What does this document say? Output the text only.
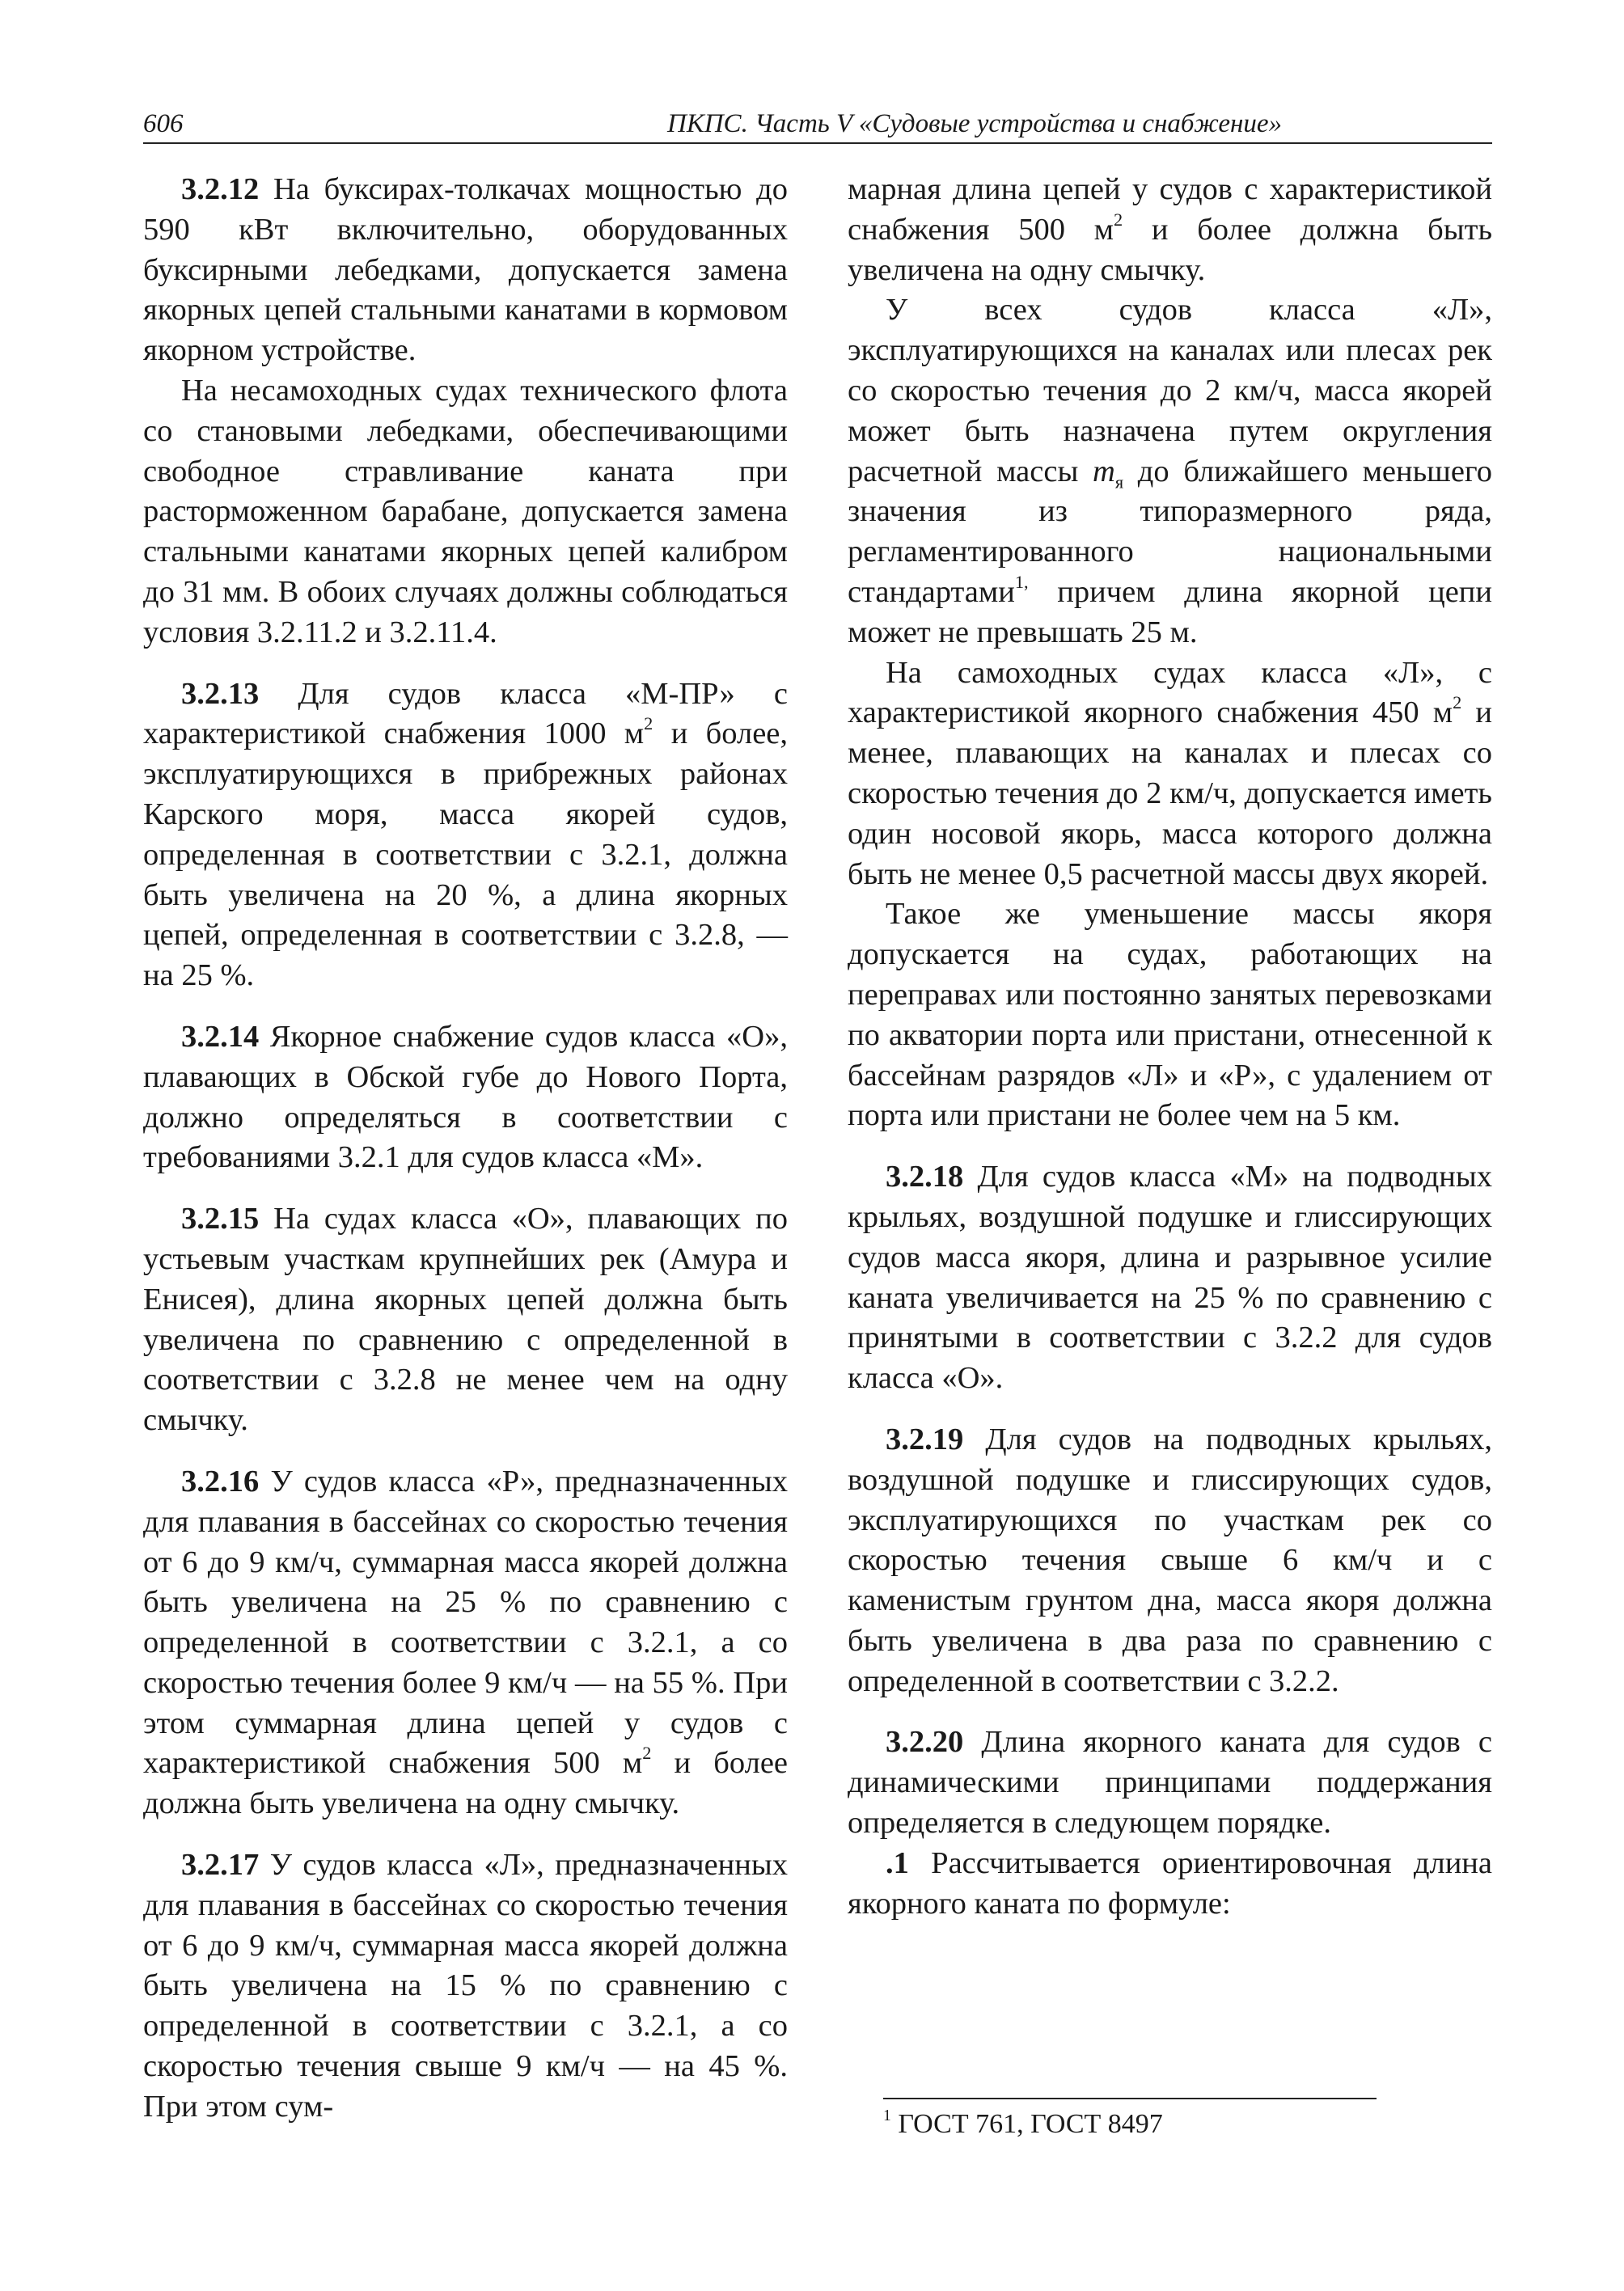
606	ПКПС. Часть V «Судовые устройства и снабжение»

3.2.12 На буксирах-толкачах мощностью до 590 кВт включительно, оборудованных буксирными лебедками, допускается замена якорных цепей стальными канатами в кормовом якорном устройстве.

На несамоходных судах технического флота со становыми лебедками, обеспечивающими свободное стравливание каната при расторможенном барабане, допускается замена стальными канатами якорных цепей калибром до 31 мм. В обоих случаях должны соблюдаться условия 3.2.11.2 и 3.2.11.4.

3.2.13 Для судов класса «М-ПР» с характеристикой снабжения 1000 $м^2$ и более, эксплуатирующихся в прибрежных районах Карского моря, масса якорей судов, определенная в соответствии с 3.2.1, должна быть увеличена на 20 %, а длина якорных цепей, определенная в соответствии с 3.2.8, — на 25 %.

3.2.14 Якорное снабжение судов класса «О», плавающих в Обской губе до Нового Порта, должно определяться в соответствии с требованиями 3.2.1 для судов класса «М».

3.2.15 На судах класса «О», плавающих по устьевым участкам крупнейших рек (Амура и Енисея), длина якорных цепей должна быть увеличена по сравнению с определенной в соответствии с 3.2.8 не менее чем на одну смычку.

3.2.16 У судов класса «Р», предназначенных для плавания в бассейнах со скоростью течения от 6 до 9 км/ч, суммарная масса якорей должна быть увеличена на 25 % по сравнению с определенной в соответствии с 3.2.1, а со скоростью течения более 9 км/ч — на 55 %. При этом суммарная длина цепей у судов с характеристикой снабжения 500 $м^2$ и более должна быть увеличена на одну смычку.

3.2.17 У судов класса «Л», предназначенных для плавания в бассейнах со скоростью течения от 6 до 9 км/ч, суммарная масса якорей должна быть увеличена на 15 % по сравнению с определенной в соответствии с 3.2.1, а со скоростью течения свыше 9 км/ч — на 45 %. При этом сум-

марная длина цепей у судов с характеристикой снабжения 500 $м^2$ и более должна быть увеличена на одну смычку.

У всех судов класса «Л», эксплуатирующихся на каналах или плесах рек со скоростью течения до 2 км/ч, масса якорей может быть назначена путем округления расчетной массы $m_я$ до ближайшего меньшего значения из типоразмерного ряда, регламентированного национальными стандартами$^{1,}$ причем длина якорной цепи может не превышать 25 м.

На самоходных судах класса «Л», с характеристикой якорного снабжения 450 $м^2$ и менее, плавающих на каналах и плесах со скоростью течения до 2 км/ч, допускается иметь один носовой якорь, масса которого должна быть не менее 0,5 расчетной массы двух якорей.

Такое же уменьшение массы якоря допускается на судах, работающих на переправах или постоянно занятых перевозками по акватории порта или пристани, отнесенной к бассейнам разрядов «Л» и «Р», с удалением от порта или пристани не более чем на 5 км.

3.2.18 Для судов класса «М» на подводных крыльях, воздушной подушке и глиссирующих судов масса якоря, длина и разрывное усилие каната увеличивается на 25 % по сравнению с принятыми в соответствии с 3.2.2 для судов класса «О».

3.2.19 Для судов на подводных крыльях, воздушной подушке и глиссирующих судов, эксплуатирующихся по участкам рек со скоростью течения свыше 6 км/ч и с каменистым грунтом дна, масса якоря должна быть увеличена в два раза по сравнению с определенной в соответствии с 3.2.2.

3.2.20 Длина якорного каната для судов с динамическими принципами поддержания определяется в следующем порядке.

.1 Рассчитывается ориентировочная длина якорного каната по формуле:

$^1$ ГОСТ 761, ГОСТ 8497
